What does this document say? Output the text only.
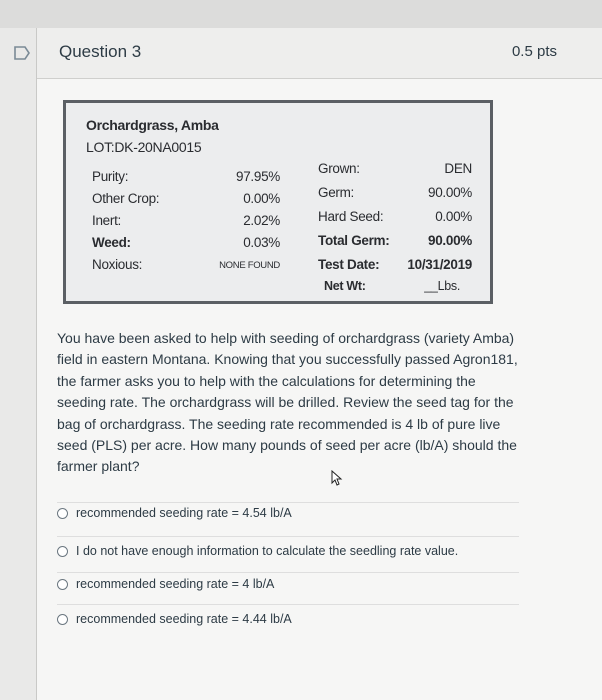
Question 3	0.5 pts
Orchardgrass, Amba
LOT:DK-20NA0015
Purity:	97.95%
Other Crop:	0.00%
Inert:	2.02%
Weed:	0.03%
Noxious:	NONE FOUND
Grown:	DEN
Germ:	90.00%
Hard Seed:	0.00%
Total Germ:	90.00%
Test Date: 10/31/2019
Net Wt:	__Lbs.
You have been asked to help with seeding of orchardgrass (variety Amba) field in eastern Montana. Knowing that you successfully passed Agron181, the farmer asks you to help with the calculations for determining the seeding rate. The orchardgrass will be drilled. Review the seed tag for the bag of orchardgrass. The seeding rate recommended is 4 lb of pure live seed (PLS) per acre. How many pounds of seed per acre (lb/A) should the farmer plant?
recommended seeding rate = 4.54 lb/A
I do not have enough information to calculate the seedling rate value.
recommended seeding rate = 4 lb/A
recommended seeding rate = 4.44 lb/A
